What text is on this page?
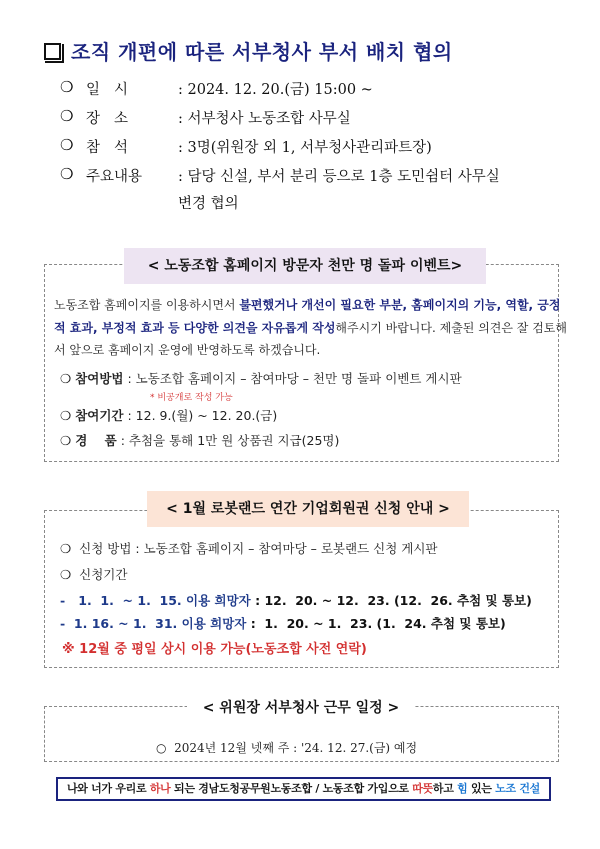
조직 개편에 따른 서부청사 부서 배치 협의
❍ 일시	: 2024. 12. 20.(금) 15:00 ~
❍ 장소	: 서부청사 노동조합 사무실
❍ 참석	: 3명(위원장 외 1, 서부청사관리파트장)
❍ 주요내용	: 담당 신설, 부서 분리 등으로 1층 도민쉼터 사무실
변경 협의
< 노동조합 홈페이지 방문자 천만 명 돌파 이벤트>
노동조합 홈페이지를 이용하시면서 불편했거나 개선이 필요한 부분, 홈페이지의 기능, 역할, 긍정적 효과, 부정적 효과 등 다양한 의견을 자유롭게 작성해주시기 바랍니다. 제출된 의견은 잘 검토해서 앞으로 홈페이지 운영에 반영하도록 하겠습니다.
❍ 참여방법 : 노동조합 홈페이지 – 참여마당 – 천만 명 돌파 이벤트 게시판
* 비공개로 작성 가능
❍ 참여기간 : 12. 9.(월) ~ 12. 20.(금)
❍ 경    품 : 추첨을 통해 1만 원 상품권 지급(25명)
< 1월 로봇랜드 연간 기업회원권 신청 안내 >
❍  신청 방법 : 노동조합 홈페이지 – 참여마당 – 로봇랜드 신청 게시판
❍  신청기간
-   1.  1.  ~ 1.  15. 이용 희망자 : 12.  20. ~ 12.  23. (12.  26. 추첨 및 통보)
-  1. 16. ~ 1.  31. 이용 희망자 :  1.  20. ~ 1.  23. (1.  24. 추첨 및 통보)
※ 12월 중 평일 상시 이용 가능(노동조합 사전 연락)
< 위원장 서부청사 근무 일정 >
○  2024년 12월 넷째 주 : '24. 12. 27.(금) 예정
나와 너가 우리로 하나 되는 경남도청공무원노동조합 / 노동조합 가입으로 따뜻하고 힘 있는 노조 건설
